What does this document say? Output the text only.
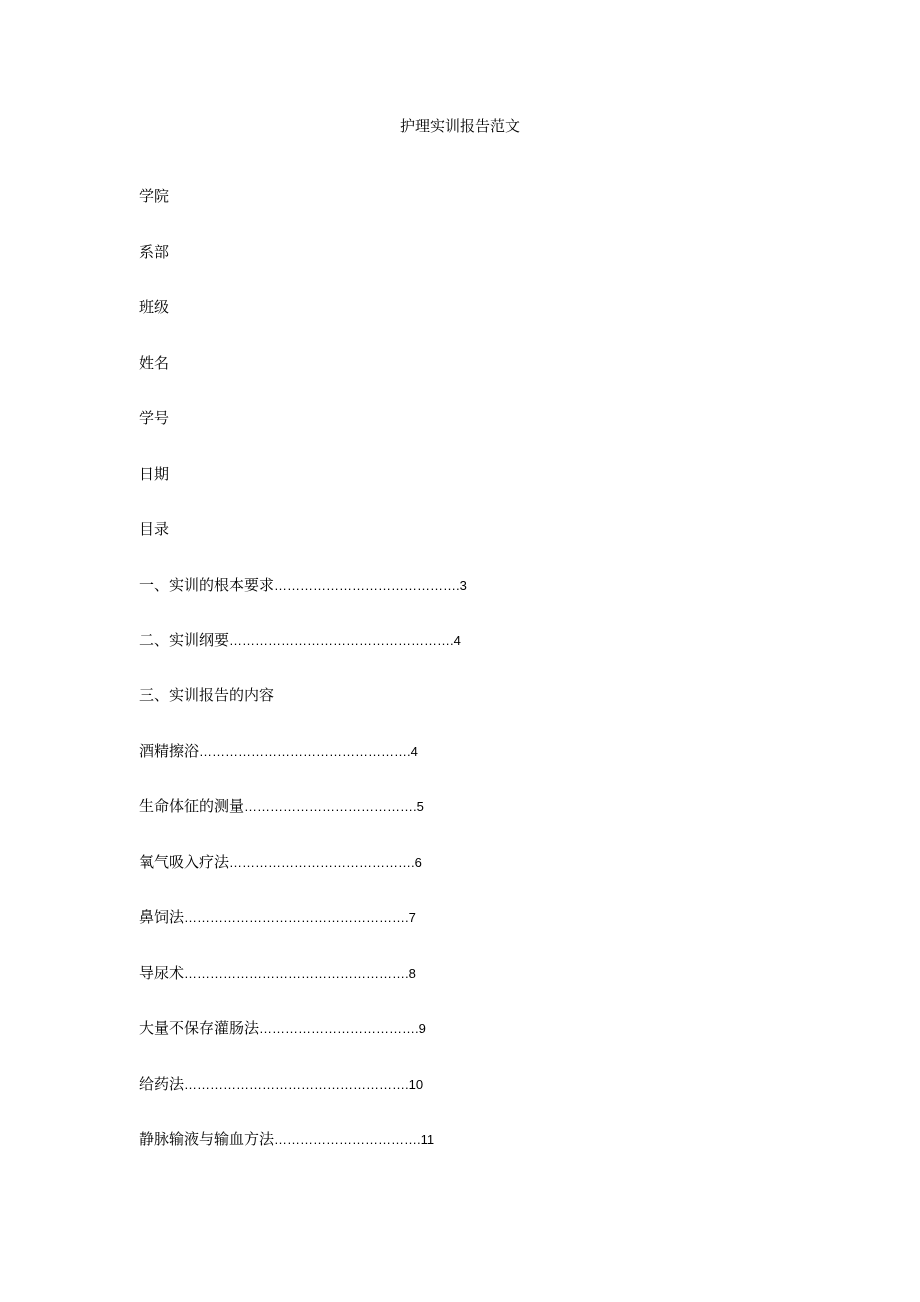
护理实训报告范文
学院
系部
班级
姓名
学号
日期
目录
一、实训的根本要求…………………………………….3
二、实训纲要…………………………………………….4
三、实训报告的内容
酒精擦浴………………………………………….4
生命体征的测量………………………………….5
氧气吸入疗法…………………………………….6
鼻饲法…………………………………………….7
导尿术…………………………………………….8
大量不保存灌肠法……………………………….9
给药法…………………………………………….10
静脉输液与输血方法…………………………….11
